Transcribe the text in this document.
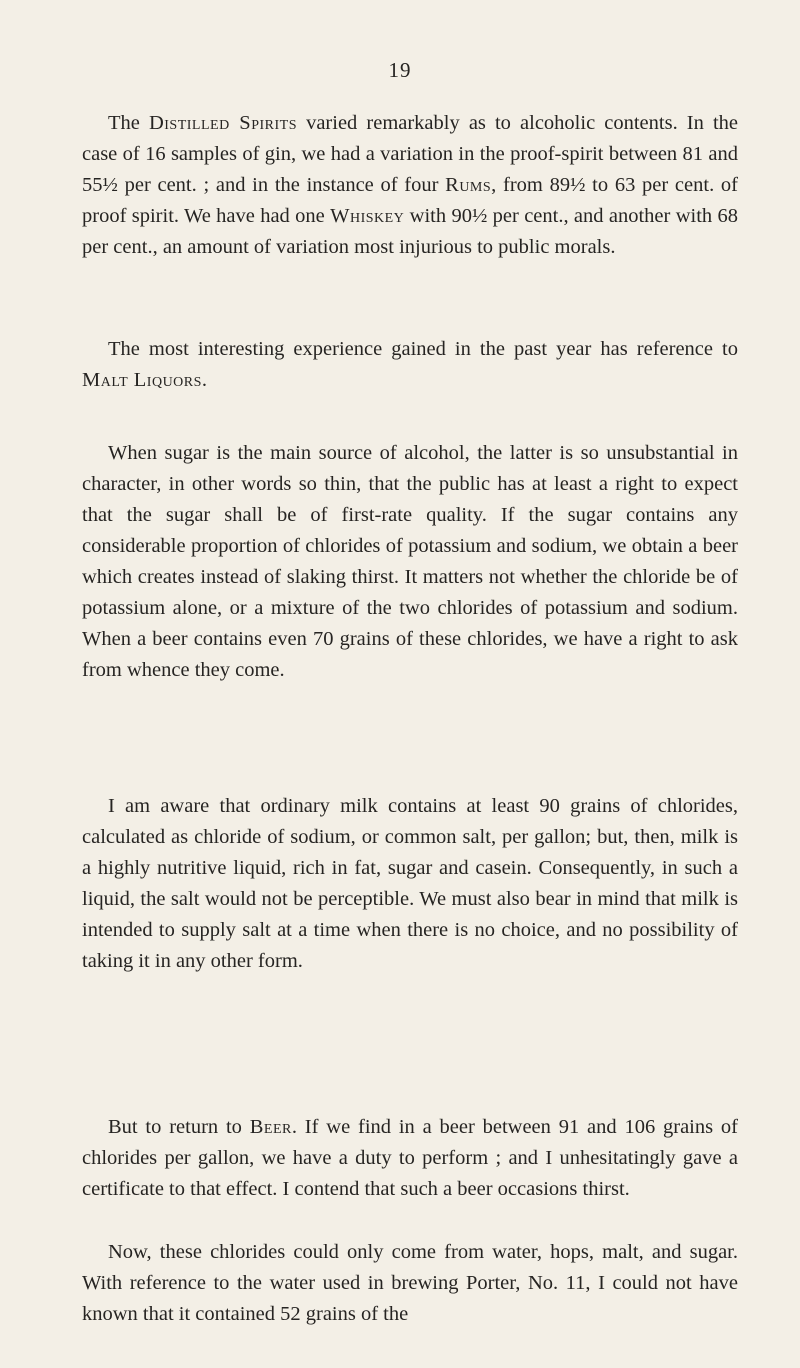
19

The Distilled Spirits varied remarkably as to alcoholic contents. In the case of 16 samples of gin, we had a variation in the proof-spirit between 81 and 55½ per cent. ; and in the instance of four Rums, from 89½ to 63 per cent. of proof spirit. We have had one Whiskey with 90½ per cent., and another with 68 per cent., an amount of variation most injurious to public morals.

The most interesting experience gained in the past year has reference to Malt Liquors.

When sugar is the main source of alcohol, the latter is so unsubstantial in character, in other words so thin, that the public has at least a right to expect that the sugar shall be of first-rate quality. If the sugar contains any considerable proportion of chlorides of potassium and sodium, we obtain a beer which creates instead of slaking thirst. It matters not whether the chloride be of potassium alone, or a mixture of the two chlorides of potassium and sodium. When a beer contains even 70 grains of these chlorides, we have a right to ask from whence they come.

I am aware that ordinary milk contains at least 90 grains of chlorides, calculated as chloride of sodium, or common salt, per gallon; but, then, milk is a highly nutritive liquid, rich in fat, sugar and casein. Consequently, in such a liquid, the salt would not be perceptible. We must also bear in mind that milk is intended to supply salt at a time when there is no choice, and no possibility of taking it in any other form.

But to return to Beer. If we find in a beer between 91 and 106 grains of chlorides per gallon, we have a duty to perform ; and I unhesitatingly gave a certificate to that effect. I contend that such a beer occasions thirst.

Now, these chlorides could only come from water, hops, malt, and sugar. With reference to the water used in brewing Porter, No. 11, I could not have known that it contained 52 grains of the
